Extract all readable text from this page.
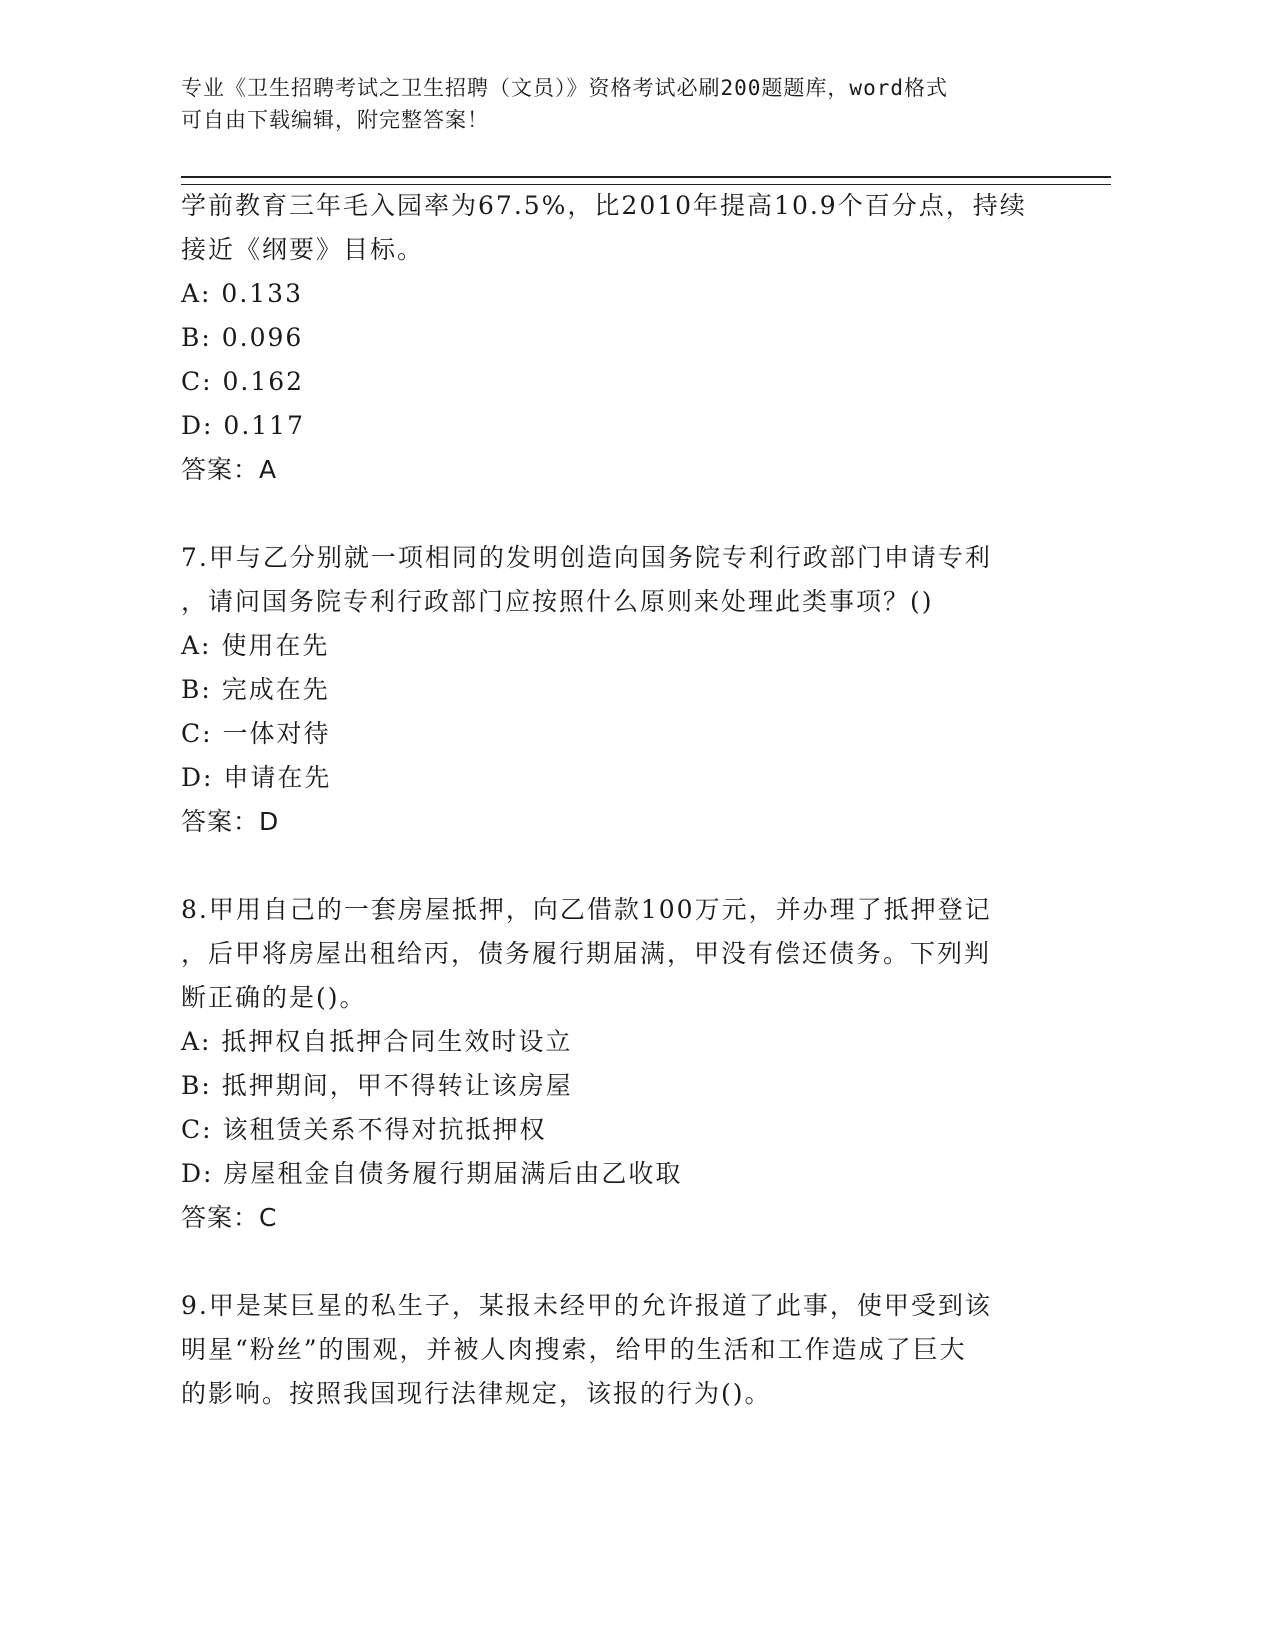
专业《卫生招聘考试之卫生招聘（文员）》资格考试必刷200题题库，word格式
可自由下载编辑，附完整答案！
学前教育三年毛入园率为67.5%，比2010年提高10.9个百分点，持续
接近《纲要》目标。
A: 0.133
B: 0.096
C: 0.162
D: 0.117
答案：A
7.甲与乙分别就一项相同的发明创造向国务院专利行政部门申请专利
，请问国务院专利行政部门应按照什么原则来处理此类事项？()
A: 使用在先
B: 完成在先
C: 一体对待
D: 申请在先
答案：D
8.甲用自己的一套房屋抵押，向乙借款100万元，并办理了抵押登记
，后甲将房屋出租给丙，债务履行期届满，甲没有偿还债务。下列判
断正确的是()。
A: 抵押权自抵押合同生效时设立
B: 抵押期间，甲不得转让该房屋
C: 该租赁关系不得对抗抵押权
D: 房屋租金自债务履行期届满后由乙收取
答案：C
9.甲是某巨星的私生子，某报未经甲的允许报道了此事，使甲受到该
明星“粉丝”的围观，并被人肉搜索，给甲的生活和工作造成了巨大
的影响。按照我国现行法律规定，该报的行为()。
